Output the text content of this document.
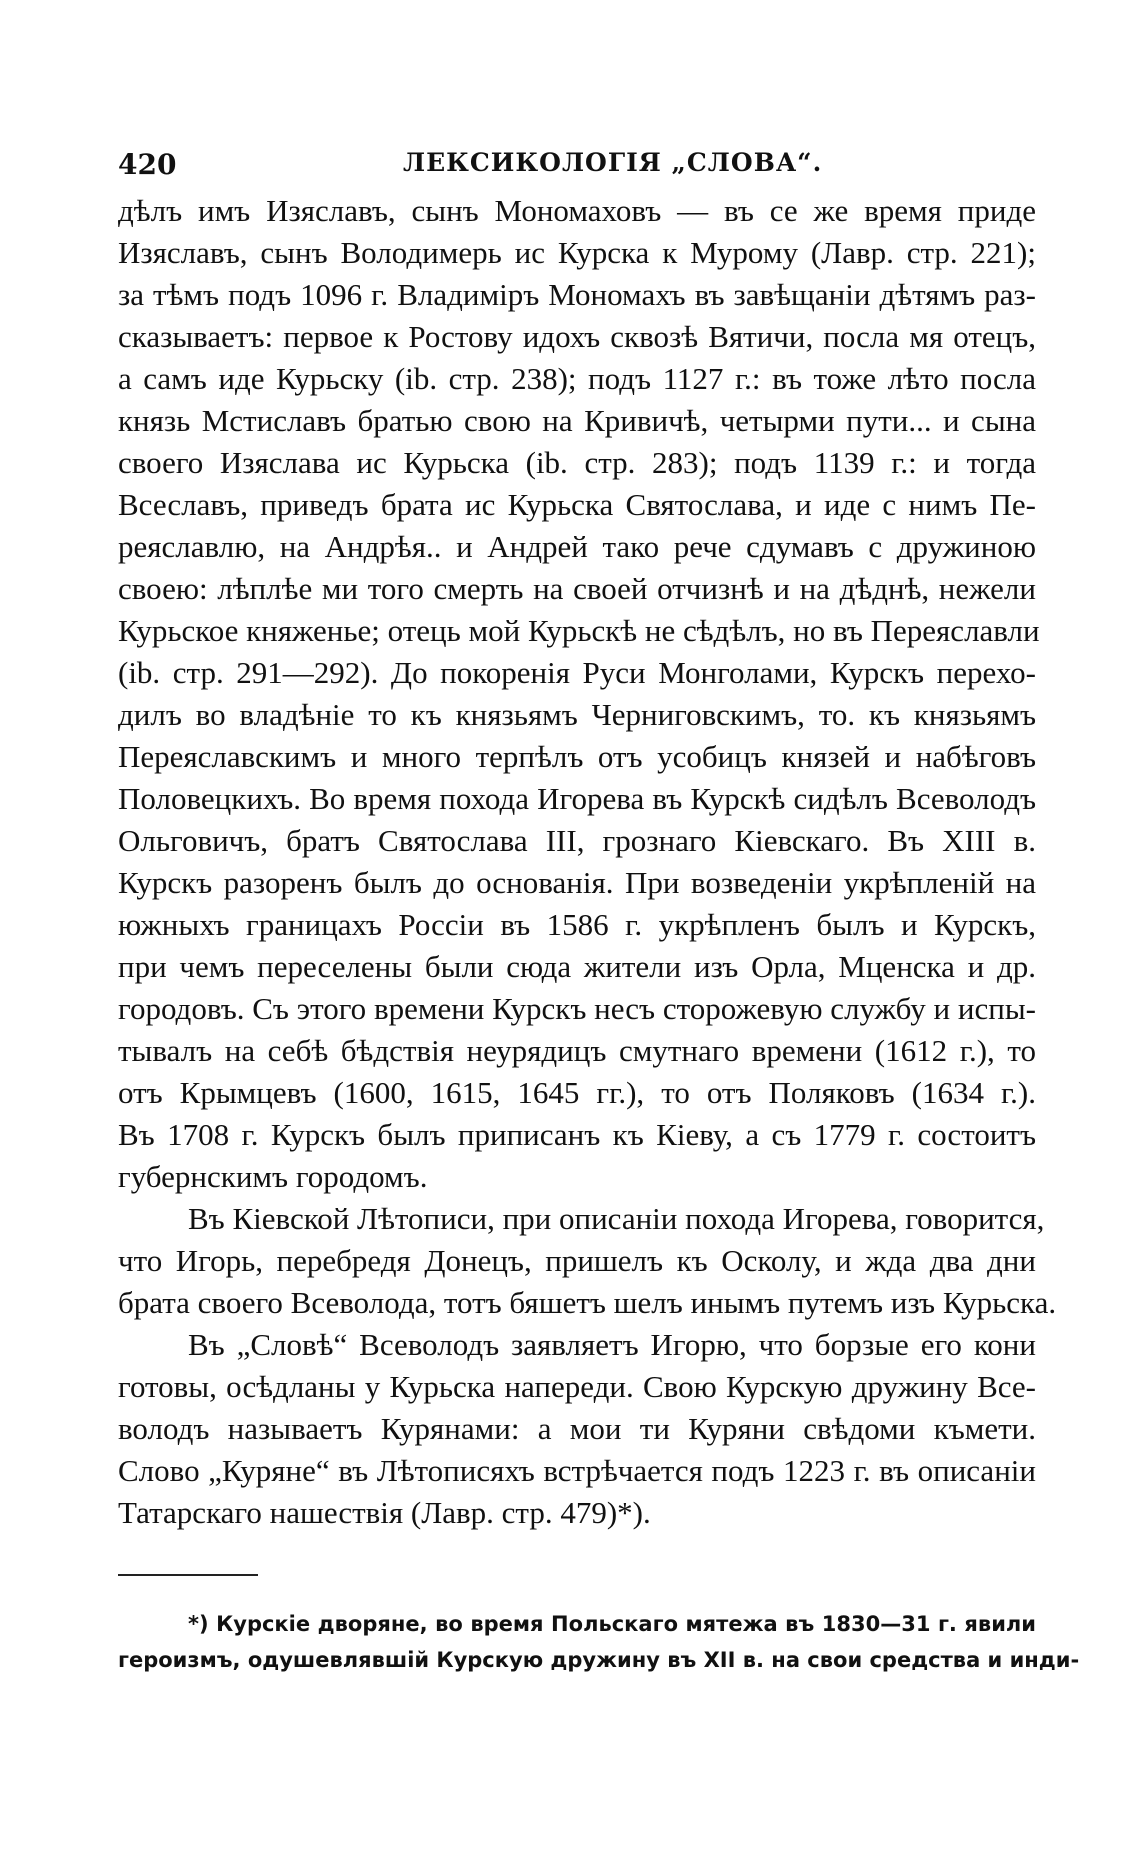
420	ЛЕКСИКОЛОГІЯ „СЛОВА“.
дѣлъ имъ Изяславъ, сынъ Мономаховъ — въ се же время приде
Изяславъ, сынъ Володимерь ис Курска к Мурому (Лавр. стр. 221);
за тѣмъ подъ 1096 г. Владиміръ Мономахъ въ завѣщаніи дѣтямъ раз-
сказываетъ: первое к Ростову идохъ сквозѣ Вятичи, посла мя отецъ,
а самъ иде Курьску (ib. стр. 238); подъ 1127 г.: въ тоже лѣто посла
князь Мстиславъ братью свою на Кривичѣ, четырми пути... и сына
своего Изяслава ис Курьска (ib. стр. 283); подъ 1139 г.: и тогда
Всеславъ, приведъ брата ис Курьска Святослава, и иде с нимъ Пе-
реяславлю, на Андрѣя.. и Андрей тако рече сдумавъ с дружиною
своею: лѣплѣе ми того смерть на своей отчизнѣ и на дѣднѣ, нежели
Курьское княженье; отець мой Курьскѣ не сѣдѣлъ, но въ Переяславли
(ib. стр. 291—292). До покоренія Руси Монголами, Курскъ перехо-
дилъ во владѣніе то къ князьямъ Черниговскимъ, то. къ князьямъ
Переяславскимъ и много терпѣлъ отъ усобицъ князей и набѣговъ
Половецкихъ. Во время похода Игорева въ Курскѣ сидѣлъ Всеволодъ
Ольговичъ, братъ Святослава III, грознаго Кіевскаго. Въ XIII в.
Курскъ разоренъ былъ до основанія. При возведеніи укрѣпленій на
южныхъ границахъ Россіи въ 1586 г. укрѣпленъ былъ и Курскъ,
при чемъ переселены были сюда жители изъ Орла, Мценска и др.
городовъ. Съ этого времени Курскъ несъ сторожевую службу и испы-
тывалъ на себѣ бѣдствія неурядицъ смутнаго времени (1612 г.), то
отъ Крымцевъ (1600, 1615, 1645 гг.), то отъ Поляковъ (1634 г.).
Въ 1708 г. Курскъ былъ приписанъ къ Кіеву, а съ 1779 г. состоитъ
губернскимъ городомъ.
Въ Кіевской Лѣтописи, при описаніи похода Игорева, говорится,
что Игорь, перебредя Донецъ, пришелъ къ Осколу, и жда два дни
брата своего Всеволода, тотъ бяшетъ шелъ инымъ путемъ изъ Курьска.
Въ „Словѣ“ Всеволодъ заявляетъ Игорю, что борзые его кони
готовы, осѣдланы у Курьска напереди. Свою Курскую дружину Все-
володъ называетъ Курянами: а мои ти Куряни свѣдоми къмети.
Слово „Куряне“ въ Лѣтописяхъ встрѣчается подъ 1223 г. въ описаніи
Татарскаго нашествія (Лавр. стр. 479)*).
*) Курскіе дворяне, во время Польскаго мятежа въ 1830—31 г. явили
героизмъ, одушевлявшій Курскую дружину въ XII в. на свои средства и инди-
